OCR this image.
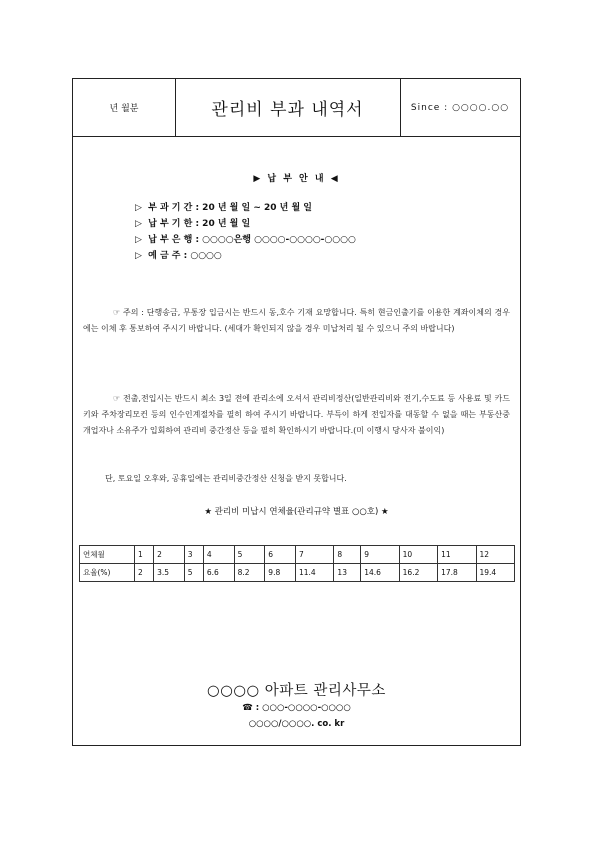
년 월분	관리비 부과 내역서	Since : ○○○○.○○
▶ 납 부 안 내 ◀
▷ 부 과 기 간 : 20 년 월 일 ~ 20 년 월 일
▷ 납 부 기 한 : 20 년 월 일
▷ 납 부 은 행 : ○○○○은행 ○○○○-○○○○-○○○○
▷ 예 금 주 : ○○○○
☞ 주의 : 단행송금, 무통장 입금시는 반드시 동,호수 기재 요망합니다. 특히 현금인출기를 이용한 계좌이체의 경우에는 이체 후 통보하여 주시기 바랍니다. (세대가 확인되지 않을 경우 미납처리 될 수 있으니 주의 바랍니다)
☞ 전출,전입시는 반드시 최소 3일 전에 관리소에 오셔서 관리비정산(일반관리비와 전기,수도료 등 사용료 및 카드키와 주차장리모컨 등의 인수인계절차를 필히 하여 주시기 바랍니다. 부득이 하게 전입자를 대동할 수 없을 때는 부동산중개업자나 소유주가 입회하여 관리비 중간정산 등을 필히 확인하시기 바랍니다.(미 이행시 당사자 불이익)
단, 토요일 오후와, 공휴일에는 관리비중간정산 신청을 받지 못합니다.
★ 관리비 미납시 연체율(관리규약 별표 ○○호) ★
연체월	1	2	3	4	5	6	7	8	9	10	11	12
요율(%)	2	3.5	5	6.6	8.2	9.8	11.4	13	14.6	16.2	17.8	19.4
○○○○ 아파트 관리사무소
☎ : ○○○-○○○○-○○○○
○○○○/○○○○. co. kr
